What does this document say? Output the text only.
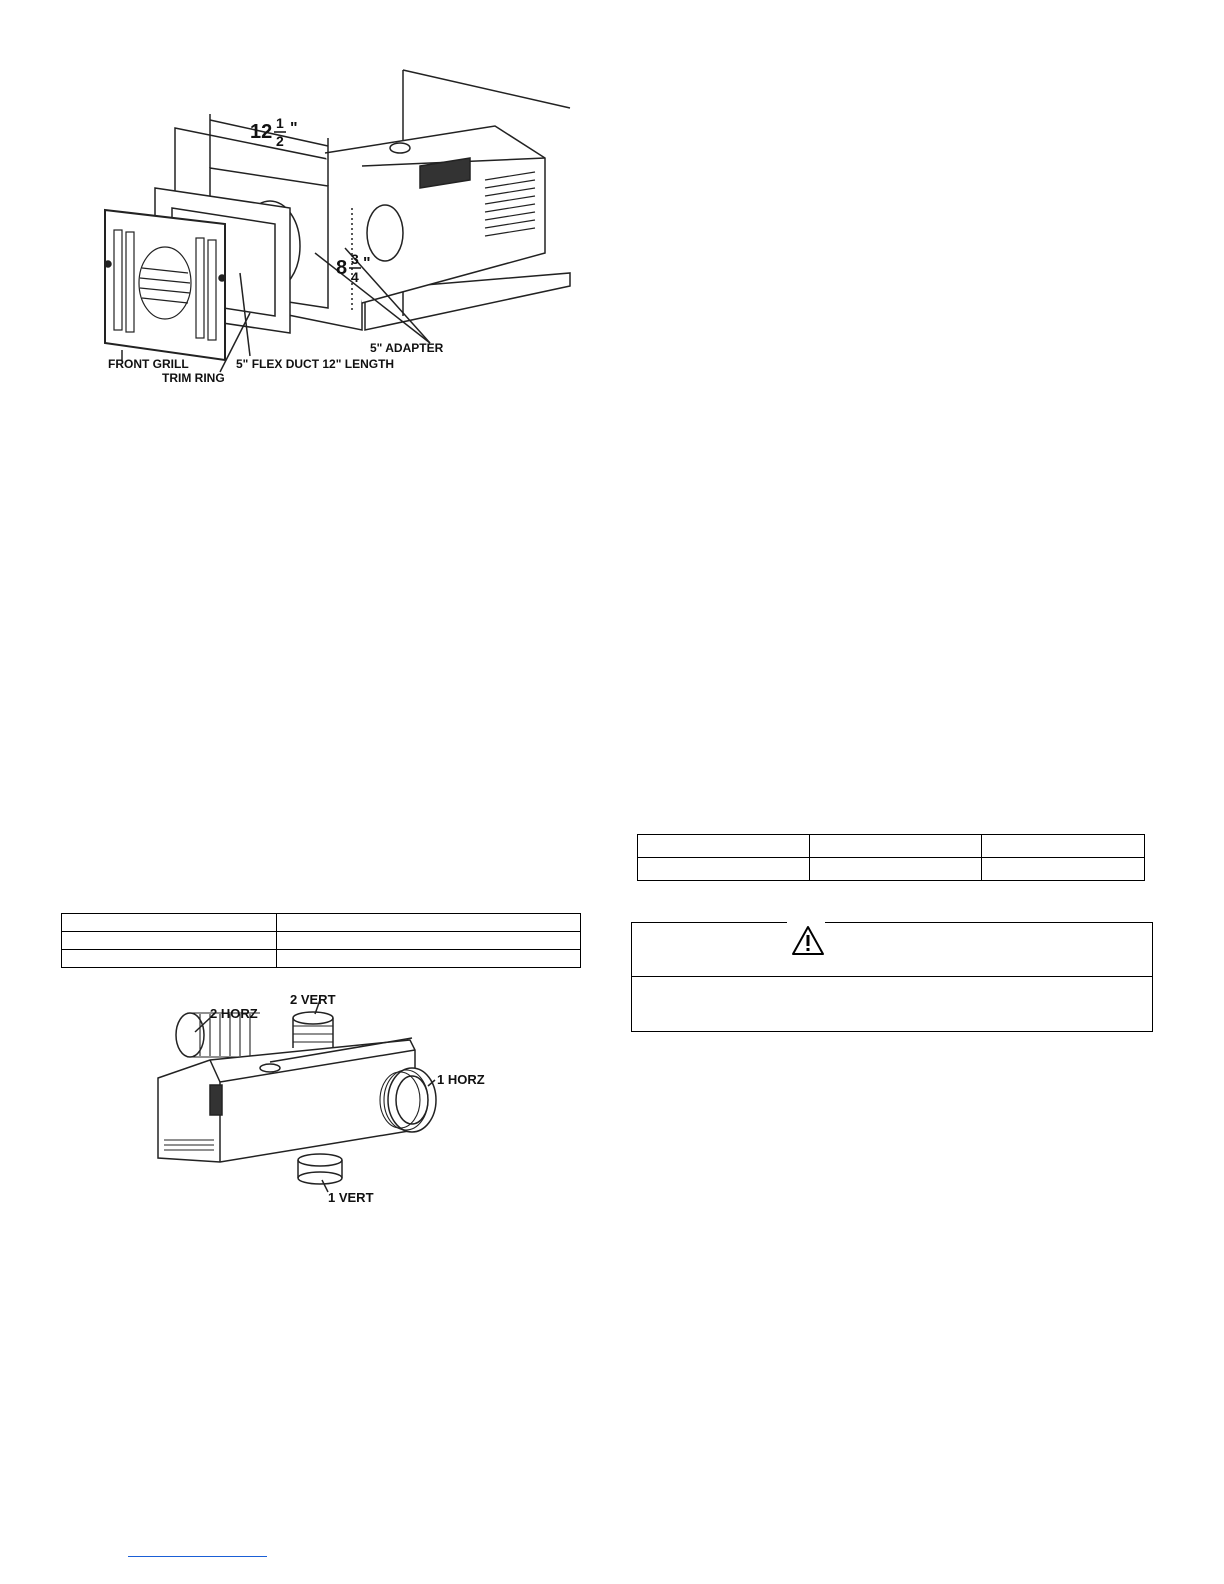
12 1
2
"
8 3
4
"
FRONT GRILL
TRIM RING
5" FLEX DUCT 12" LENGTH
5" ADAPTER

2 HORZ
2 VERT
1 HORZ
1 VERT
